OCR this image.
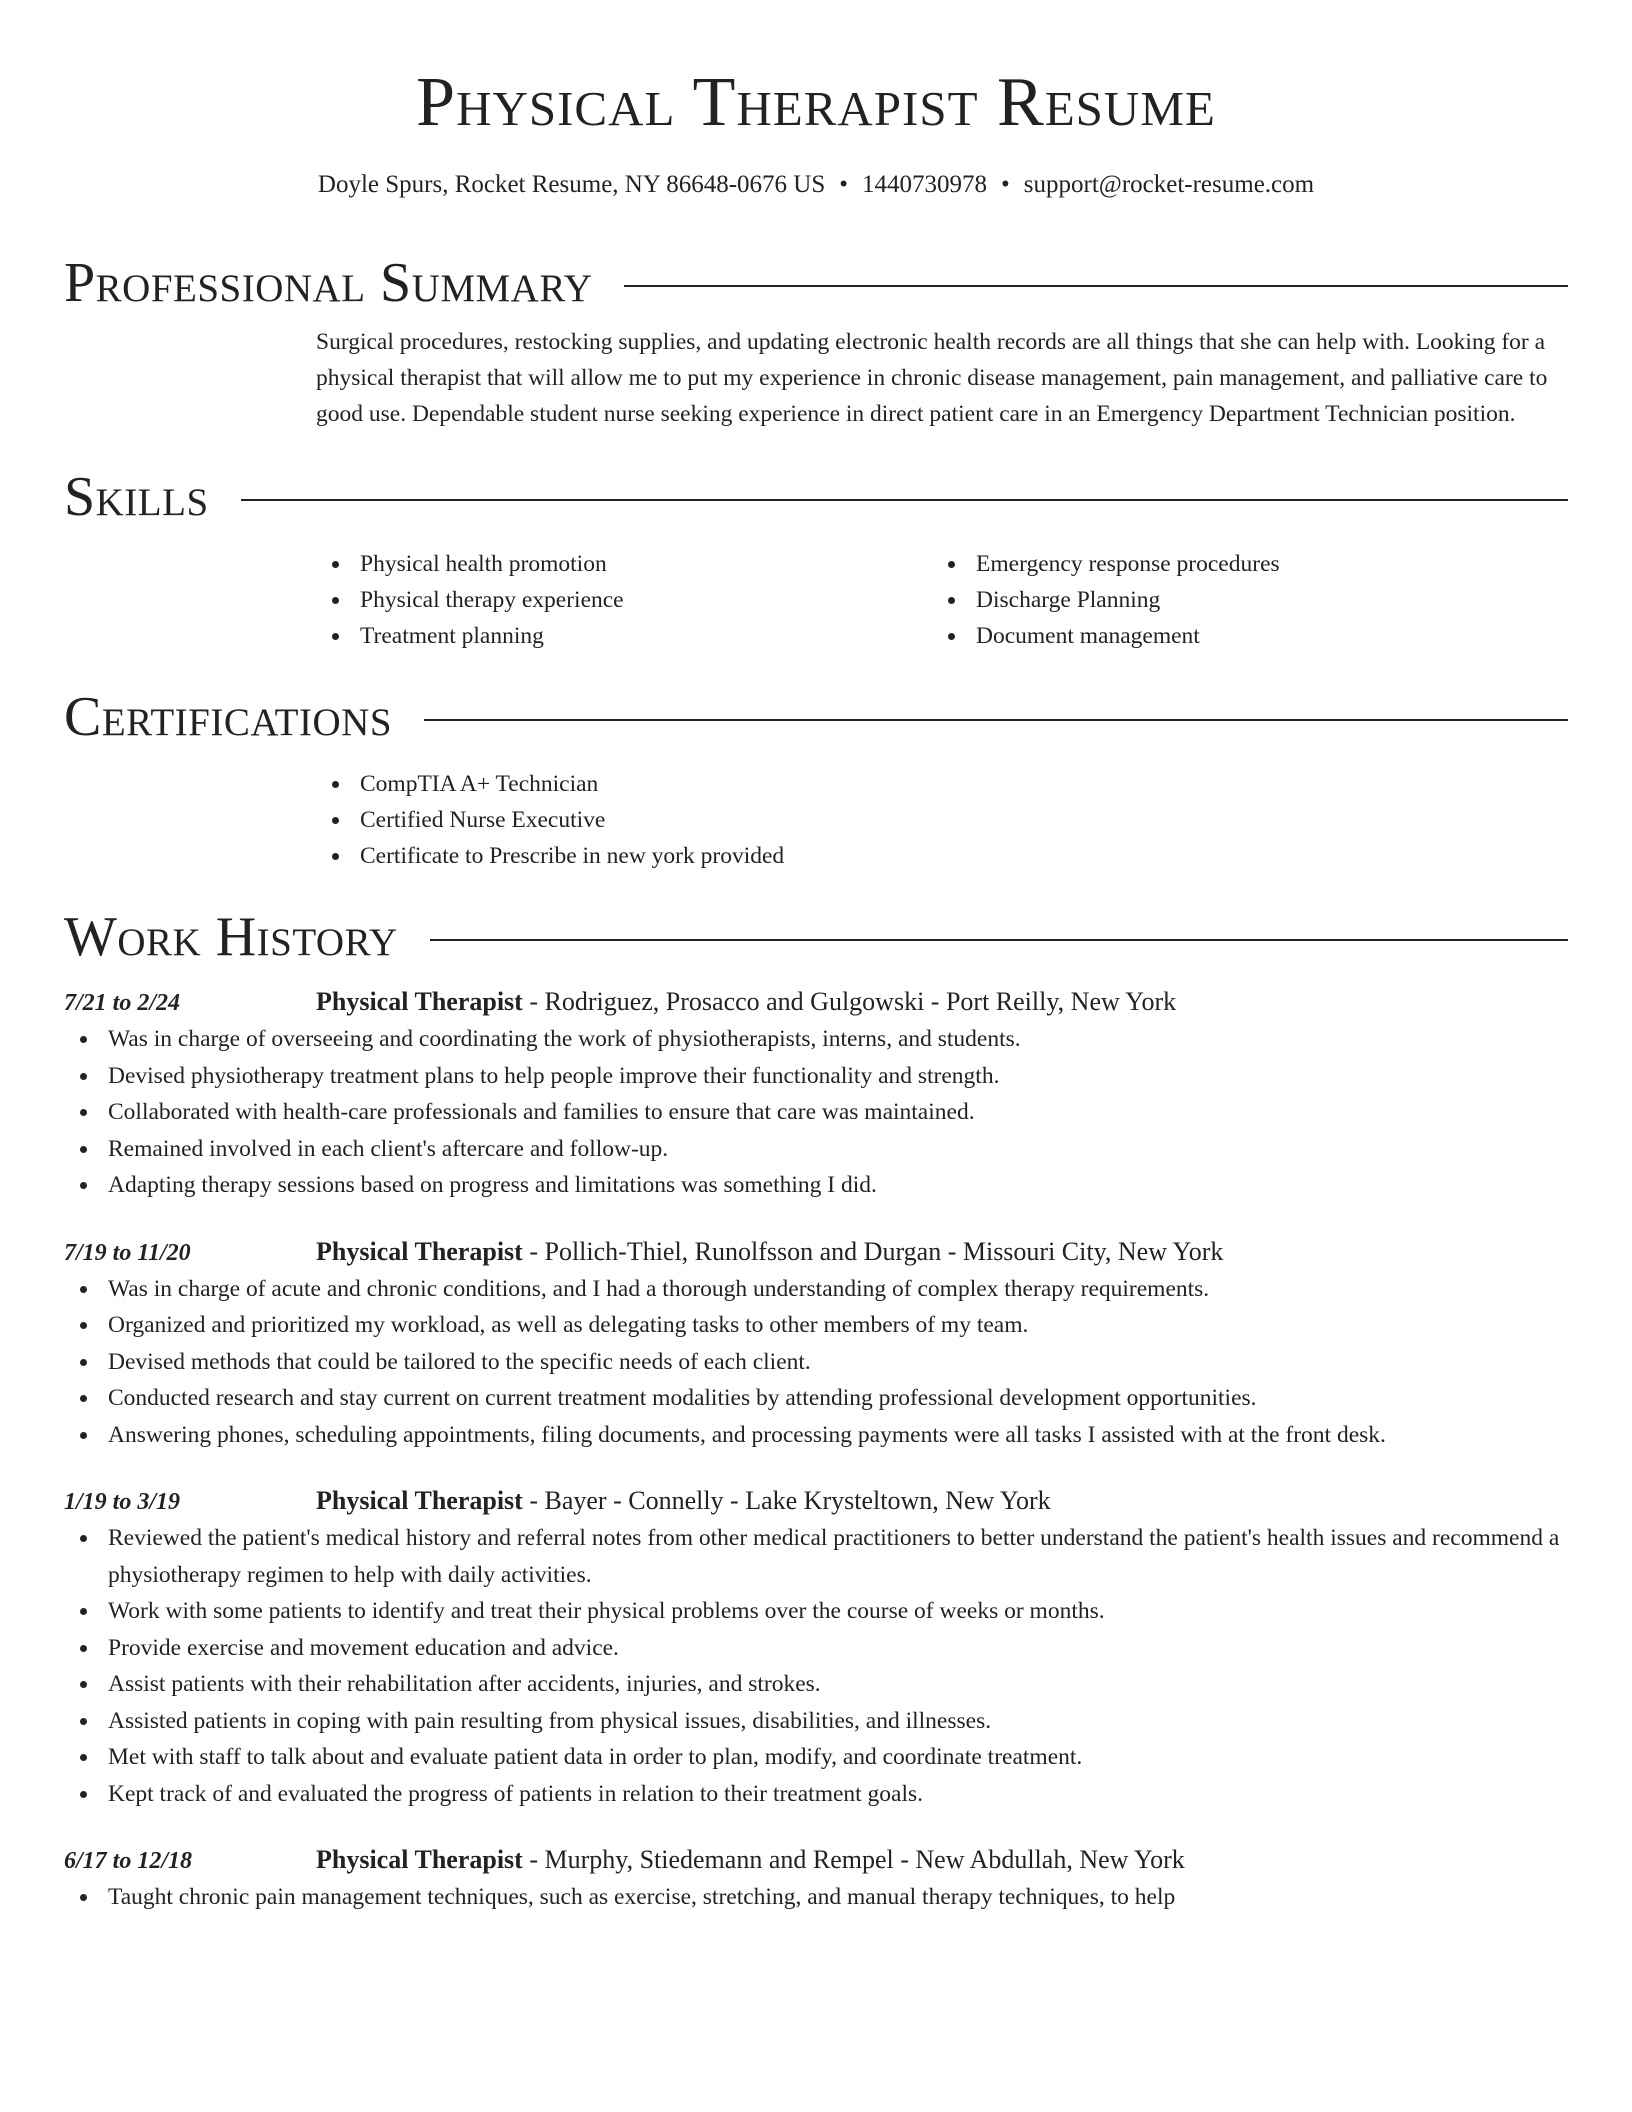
Physical Therapist Resume
Doyle Spurs, Rocket Resume, NY 86648-0676 US • 1440730978 • support@rocket-resume.com
Professional Summary

Surgical procedures, restocking supplies, and updating electronic health records are all things that she can help with. Looking for a physical therapist that will allow me to put my experience in chronic disease management, pain management, and palliative care to good use. Dependable student nurse seeking experience in direct patient care in an Emergency Department Technician position.

Skills
Physical health promotion
Physical therapy experience
Treatment planning
Emergency response procedures
Discharge Planning
Document management
Certifications
CompTIA A+ Technician
Certified Nurse Executive
Certificate to Prescribe in new york provided
Work History
7/21 to 2/24	Physical Therapist - Rodriguez, Prosacco and Gulgowski - Port Reilly, New York
Was in charge of overseeing and coordinating the work of physiotherapists, interns, and students.
Devised physiotherapy treatment plans to help people improve their functionality and strength.
Collaborated with health-care professionals and families to ensure that care was maintained.
Remained involved in each client's aftercare and follow-up.
Adapting therapy sessions based on progress and limitations was something I did.
7/19 to 11/20	Physical Therapist - Pollich-Thiel, Runolfsson and Durgan - Missouri City, New York
Was in charge of acute and chronic conditions, and I had a thorough understanding of complex therapy requirements.
Organized and prioritized my workload, as well as delegating tasks to other members of my team.
Devised methods that could be tailored to the specific needs of each client.
Conducted research and stay current on current treatment modalities by attending professional development opportunities.
Answering phones, scheduling appointments, filing documents, and processing payments were all tasks I assisted with at the front desk.
1/19 to 3/19	Physical Therapist - Bayer - Connelly - Lake Krysteltown, New York
Reviewed the patient's medical history and referral notes from other medical practitioners to better understand the patient's health issues and recommend a physiotherapy regimen to help with daily activities.
Work with some patients to identify and treat their physical problems over the course of weeks or months.
Provide exercise and movement education and advice.
Assist patients with their rehabilitation after accidents, injuries, and strokes.
Assisted patients in coping with pain resulting from physical issues, disabilities, and illnesses.
Met with staff to talk about and evaluate patient data in order to plan, modify, and coordinate treatment.
Kept track of and evaluated the progress of patients in relation to their treatment goals.
6/17 to 12/18	Physical Therapist - Murphy, Stiedemann and Rempel - New Abdullah, New York
Taught chronic pain management techniques, such as exercise, stretching, and manual therapy techniques, to help
